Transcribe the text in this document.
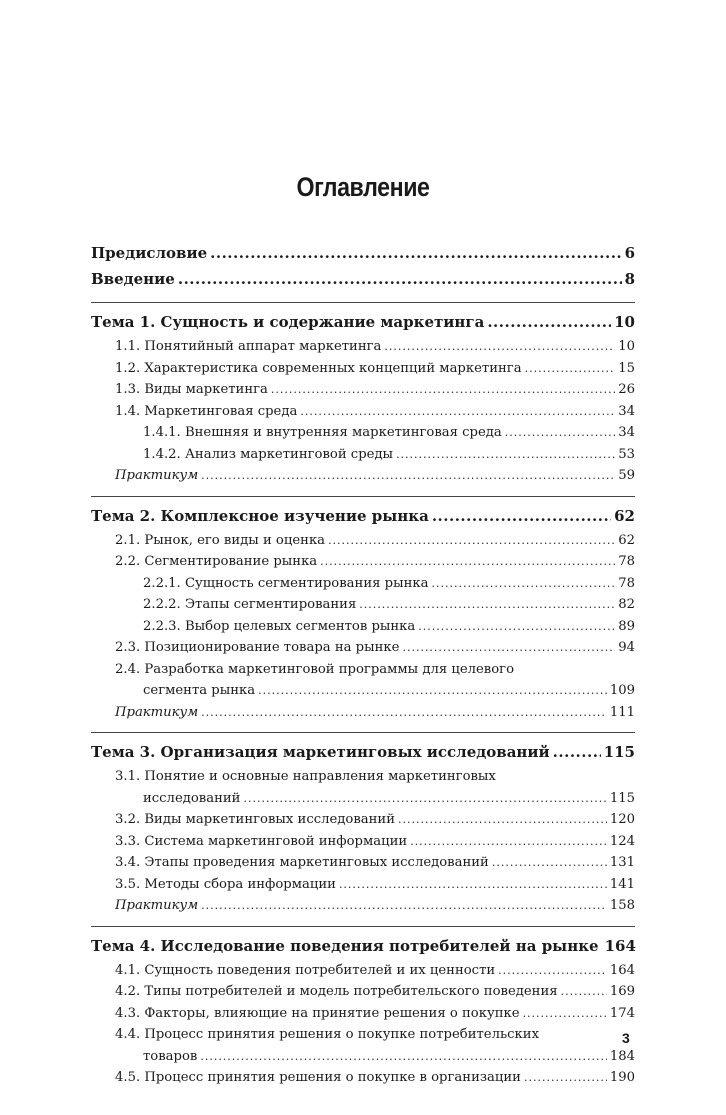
Оглавление
Предисловие .....	6
Введение .....	8
Тема 1. Сущность и содержание маркетинга .....	10
1.1. Понятийный аппарат маркетинга .....	10
1.2. Характеристика современных концепций маркетинга .....	15
1.3. Виды маркетинга .....	26
1.4. Маркетинговая среда .....	34
1.4.1. Внешняя и внутренняя маркетинговая среда .....	34
1.4.2. Анализ маркетинговой среды .....	53
Практикум .....	59
Тема 2. Комплексное изучение рынка .....	62
2.1. Рынок, его виды и оценка .....	62
2.2. Сегментирование рынка .....	78
2.2.1. Сущность сегментирования рынка .....	78
2.2.2. Этапы сегментирования .....	82
2.2.3. Выбор целевых сегментов рынка .....	89
2.3. Позиционирование товара на рынке .....	94
2.4. Разработка маркетинговой программы для целевого
сегмента рынка .....	109
Практикум .....	111
Тема 3. Организация маркетинговых исследований .....	115
3.1. Понятие и основные направления маркетинговых
исследований .....	115
3.2. Виды маркетинговых исследований .....	120
3.3. Система маркетинговой информации .....	124
3.4. Этапы проведения маркетинговых исследований .....	131
3.5. Методы сбора информации .....	141
Практикум .....	158
Тема 4. Исследование поведения потребителей на рынке 164
4.1. Сущность поведения потребителей и их ценности .....	164
4.2. Типы потребителей и модель потребительского поведения .....	169
4.3. Факторы, влияющие на принятие решения о покупке .....	174
4.4. Процесс принятия решения о покупке потребительских
товаров .....	184
4.5. Процесс принятия решения о покупке в организации .....	190
3
